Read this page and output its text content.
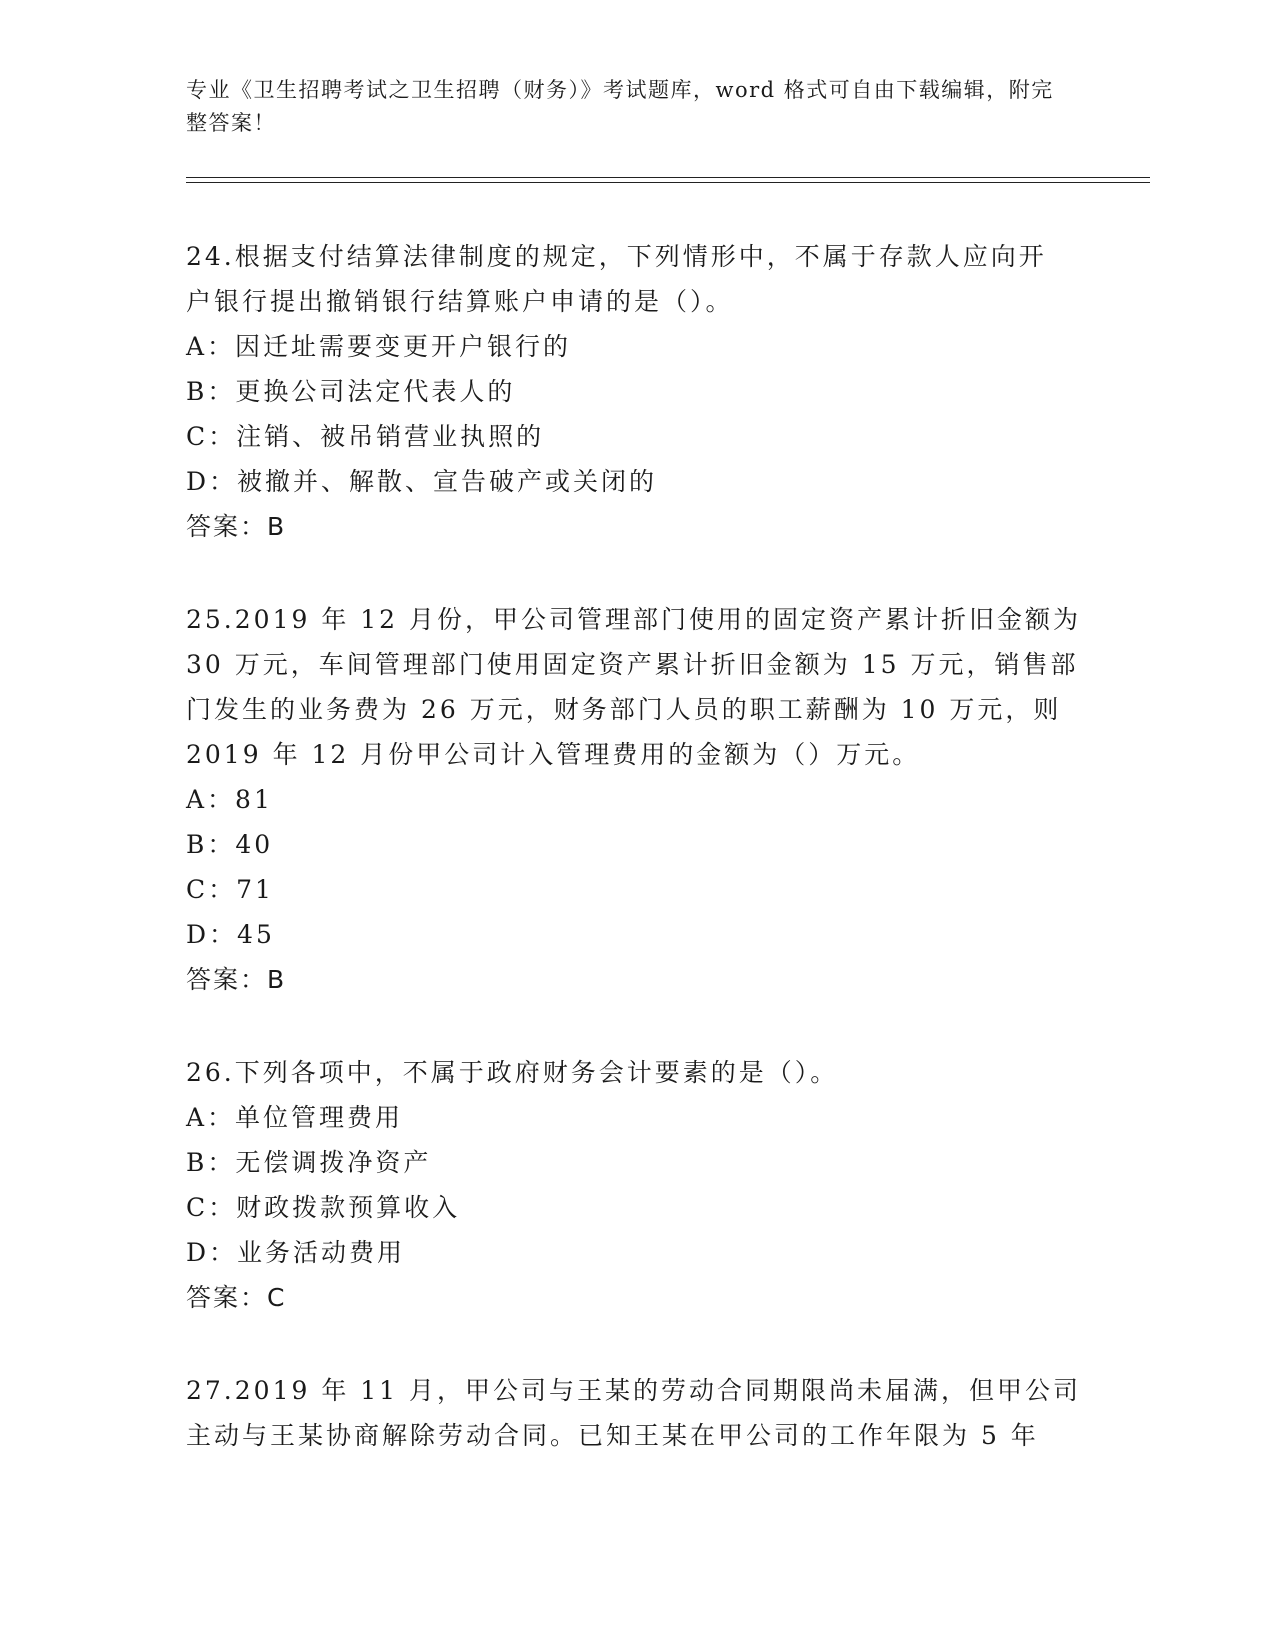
专业《卫生招聘考试之卫生招聘（财务）》考试题库，word 格式可自由下载编辑，附完整答案！

24.根据支付结算法律制度的规定，下列情形中，不属于存款人应向开

户银行提出撤销银行结算账户申请的是（）。

A：因迁址需要变更开户银行的

B：更换公司法定代表人的

C：注销、被吊销营业执照的

D：被撤并、解散、宣告破产或关闭的

答案：B

25.2019 年 12 月份，甲公司管理部门使用的固定资产累计折旧金额为

30 万元，车间管理部门使用固定资产累计折旧金额为 15 万元，销售部

门发生的业务费为 26 万元，财务部门人员的职工薪酬为 10 万元，则

2019 年 12 月份甲公司计入管理费用的金额为（）万元。

A：81

B：40

C：71

D：45

答案：B

26.下列各项中，不属于政府财务会计要素的是（）。

A：单位管理费用

B：无偿调拨净资产

C：财政拨款预算收入

D：业务活动费用

答案：C

27.2019 年 11 月，甲公司与王某的劳动合同期限尚未届满，但甲公司

主动与王某协商解除劳动合同。已知王某在甲公司的工作年限为 5 年
